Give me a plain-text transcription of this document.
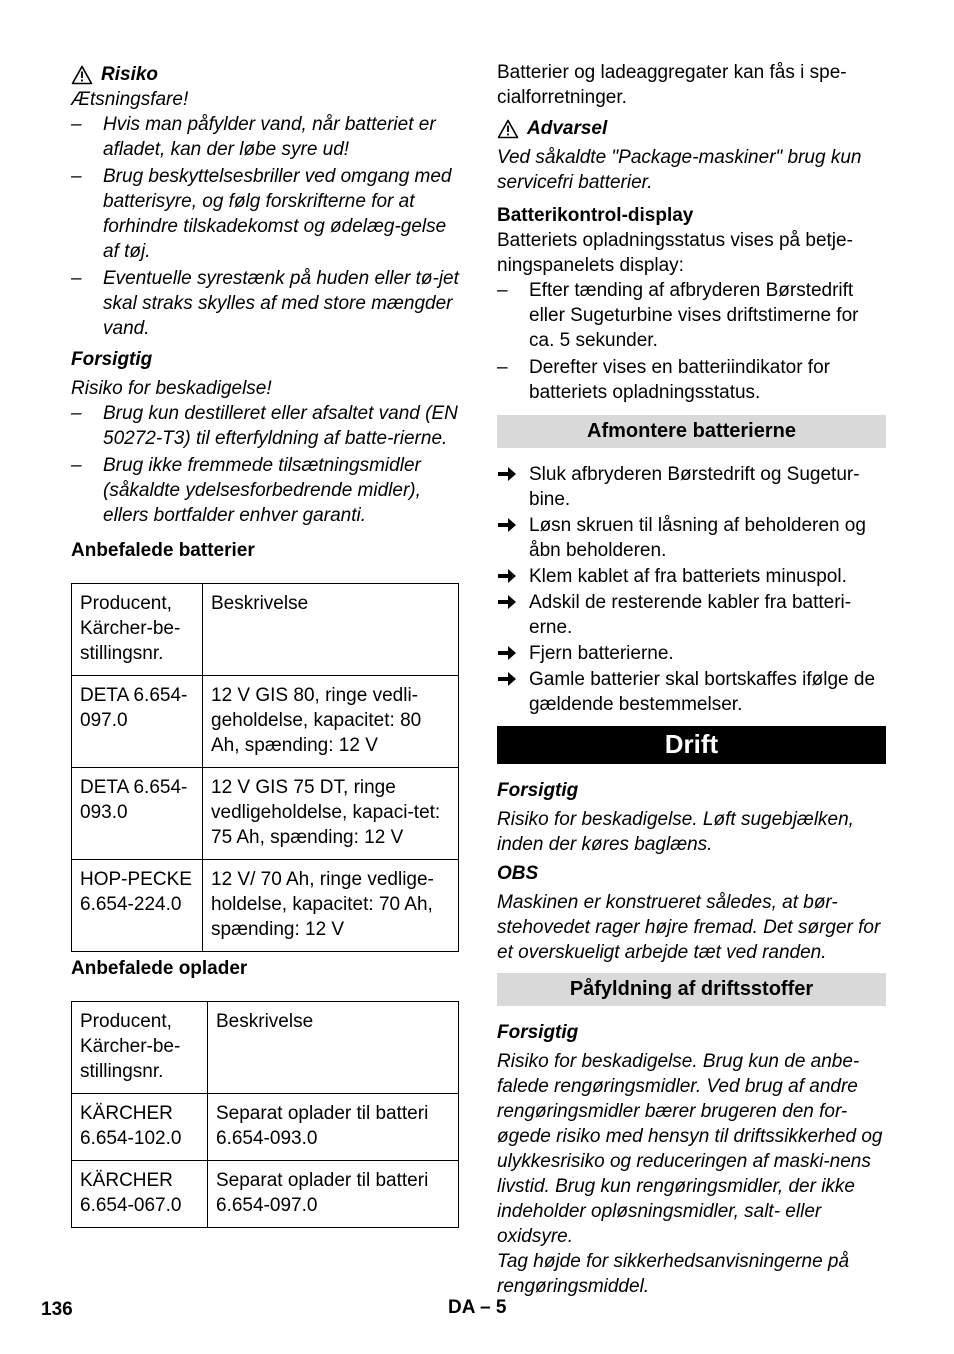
Risiko

Ætsningsfare!

– Hvis man påfylder vand, når batteriet er afladet, kan der løbe syre ud!
– Brug beskyttelsesbriller ved omgang med batterisyre, og følg forskrifterne for at forhindre tilskadekomst og ødelæg-gelse af tøj.
– Eventuelle syrestænk på huden eller tø-jet skal straks skylles af med store mængder vand.

Forsigtig

Risiko for beskadigelse!

– Brug kun destilleret eller afsaltet vand (EN 50272-T3) til efterfyldning af batte-rierne.
– Brug ikke fremmede tilsætningsmidler (såkaldte ydelsesforbedrende midler), ellers bortfalder enhver garanti.

Anbefalede batterier

Producent, Kärcher-be-stillingsnr.	Beskrivelse
DETA 6.654-097.0	12 V GIS 80, ringe vedli-geholdelse, kapacitet: 80 Ah, spænding: 12 V
DETA 6.654-093.0	12 V GIS 75 DT, ringe vedligeholdelse, kapaci-tet: 75 Ah, spænding: 12 V
HOP-PECKE 6.654-224.0	12 V/ 70 Ah, ringe vedlige-holdelse, kapacitet: 70 Ah, spænding: 12 V

Anbefalede oplader

Producent, Kärcher-be-stillingsnr.	Beskrivelse
KÄRCHER 6.654-102.0	Separat oplader til batteri 6.654-093.0
KÄRCHER 6.654-067.0	Separat oplader til batteri 6.654-097.0

Batterier og ladeaggregater kan fås i spe-cialforretninger.

Advarsel

Ved såkaldte "Package-maskiner" brug kun servicefri batterier.

Batterikontrol-display

Batteriets opladningsstatus vises på betje-ningspanelets display:

– Efter tænding af afbryderen Børstedrift eller Sugeturbine vises driftstimerne for ca. 5 sekunder.
– Derefter vises en batteriindikator for batteriets opladningsstatus.
Afmontere batterierne
Sluk afbryderen Børstedrift og Sugetur-bine.
Løsn skruen til låsning af beholderen og åbn beholderen.
Klem kablet af fra batteriets minuspol.
Adskil de resterende kabler fra batteri-erne.
Fjern batterierne.
Gamle batterier skal bortskaffes ifølge de gældende bestemmelser.
Drift

Forsigtig

Risiko for beskadigelse. Løft sugebjælken, inden der køres baglæns.

OBS

Maskinen er konstrueret således, at bør-stehovedet rager højre fremad. Det sørger for et overskueligt arbejde tæt ved randen.

Påfyldning af driftsstoffer

Forsigtig

Risiko for beskadigelse. Brug kun de anbe-falede rengøringsmidler. Ved brug af andre rengøringsmidler bærer brugeren den for-øgede risiko med hensyn til driftssikkerhed og ulykkesrisiko og reduceringen af maski-nens livstid. Brug kun rengøringsmidler, der ikke indeholder opløsningsmidler, salt- eller oxidsyre.

Tag højde for sikkerhedsanvisningerne på rengøringsmiddel.

136	DA – 5
